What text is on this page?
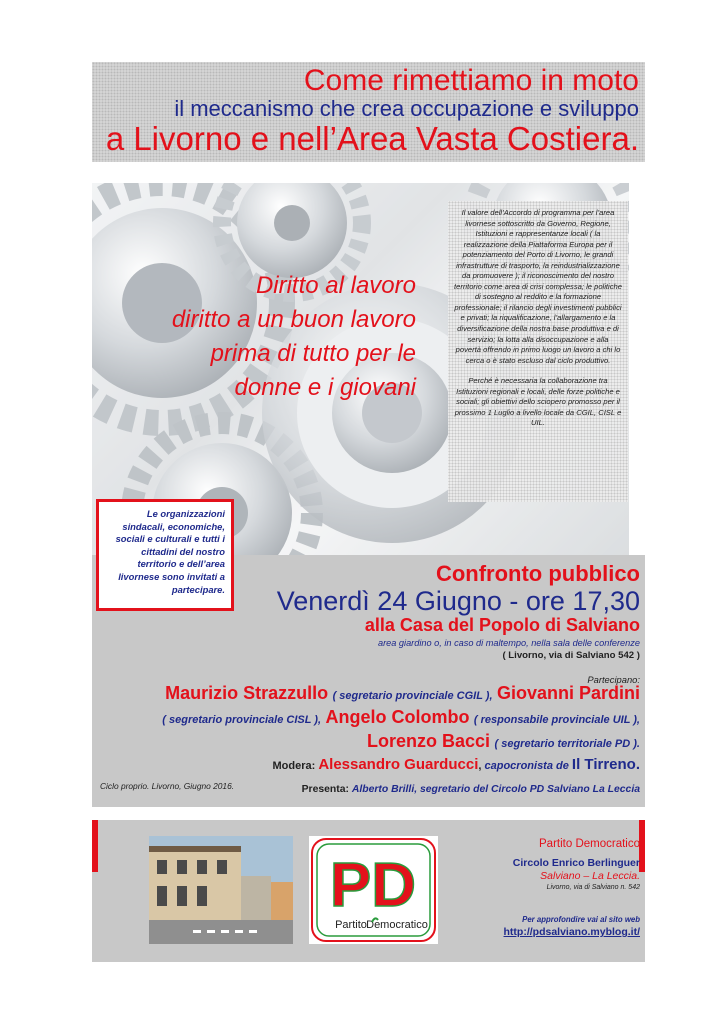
Come rimettiamo in moto
il meccanismo che crea occupazione e sviluppo
a Livorno e nell’Area Vasta Costiera.
Diritto al lavoro
diritto a un buon lavoro
prima di tutto per le
donne e i giovani

Il valore dell’Accordo di programma per l’area livornese sottoscritto da Governo, Regione, Istituzioni e rappresentanze locali ( la realizzazione della Piattaforma Europa per il potenziamento del Porto di Livorno, le grandi infrastrutture di trasporto, la reindustrializzazione da promuovere ); il riconoscimento del nostro territorio come area di crisi complessa; le politiche di sostegno al reddito e la formazione professionale; il rilancio degli investimenti pubblici e privati; la riqualificazione, l’allargamento e la diversificazione della nostra base produttiva e di servizio; la lotta alla disoccupazione e alla povertà offrendo in primo luogo un lavoro a chi lo cerca o è stato escluso dal ciclo produttivo.

Perché è necessaria la collaborazione tra Istituzioni regionali e locali, delle forze politiche e sociali; gli obiettivi dello sciopero promosso per il prossimo 1 Luglio a livello locale da CGIL, CISL e UIL.

Le organizzazioni sindacali, economiche, sociali e culturali e tutti i cittadini del nostro territorio e dell’area livornese sono invitati a partecipare.
Confronto pubblico
Venerdì 24 Giugno - ore 17,30
alla Casa del Popolo di Salviano
area giardino o, in caso di maltempo, nella sala delle conferenze
( Livorno, via di Salviano 542 )
Partecipano:
Maurizio Strazzullo ( segretario provinciale CGIL ), Giovanni Pardini
( segretario provinciale CISL ), Angelo Colombo ( responsabile provinciale UIL ),
Lorenzo Bacci ( segretario territoriale PD ).
Modera: Alessandro Guarducci, capocronista de Il Tirreno.
Presenta: Alberto Brilli, segretario del Circolo PD Salviano La Leccia
Ciclo proprio. Livorno, Giugno 2016.
PD
Partito Democratico
Partito Democratico
Circolo Enrico Berlinguer
Salviano – La Leccia.
Livorno, via di Salviano n. 542
Per approfondire vai al sito web
http://pdsalviano.myblog.it/
